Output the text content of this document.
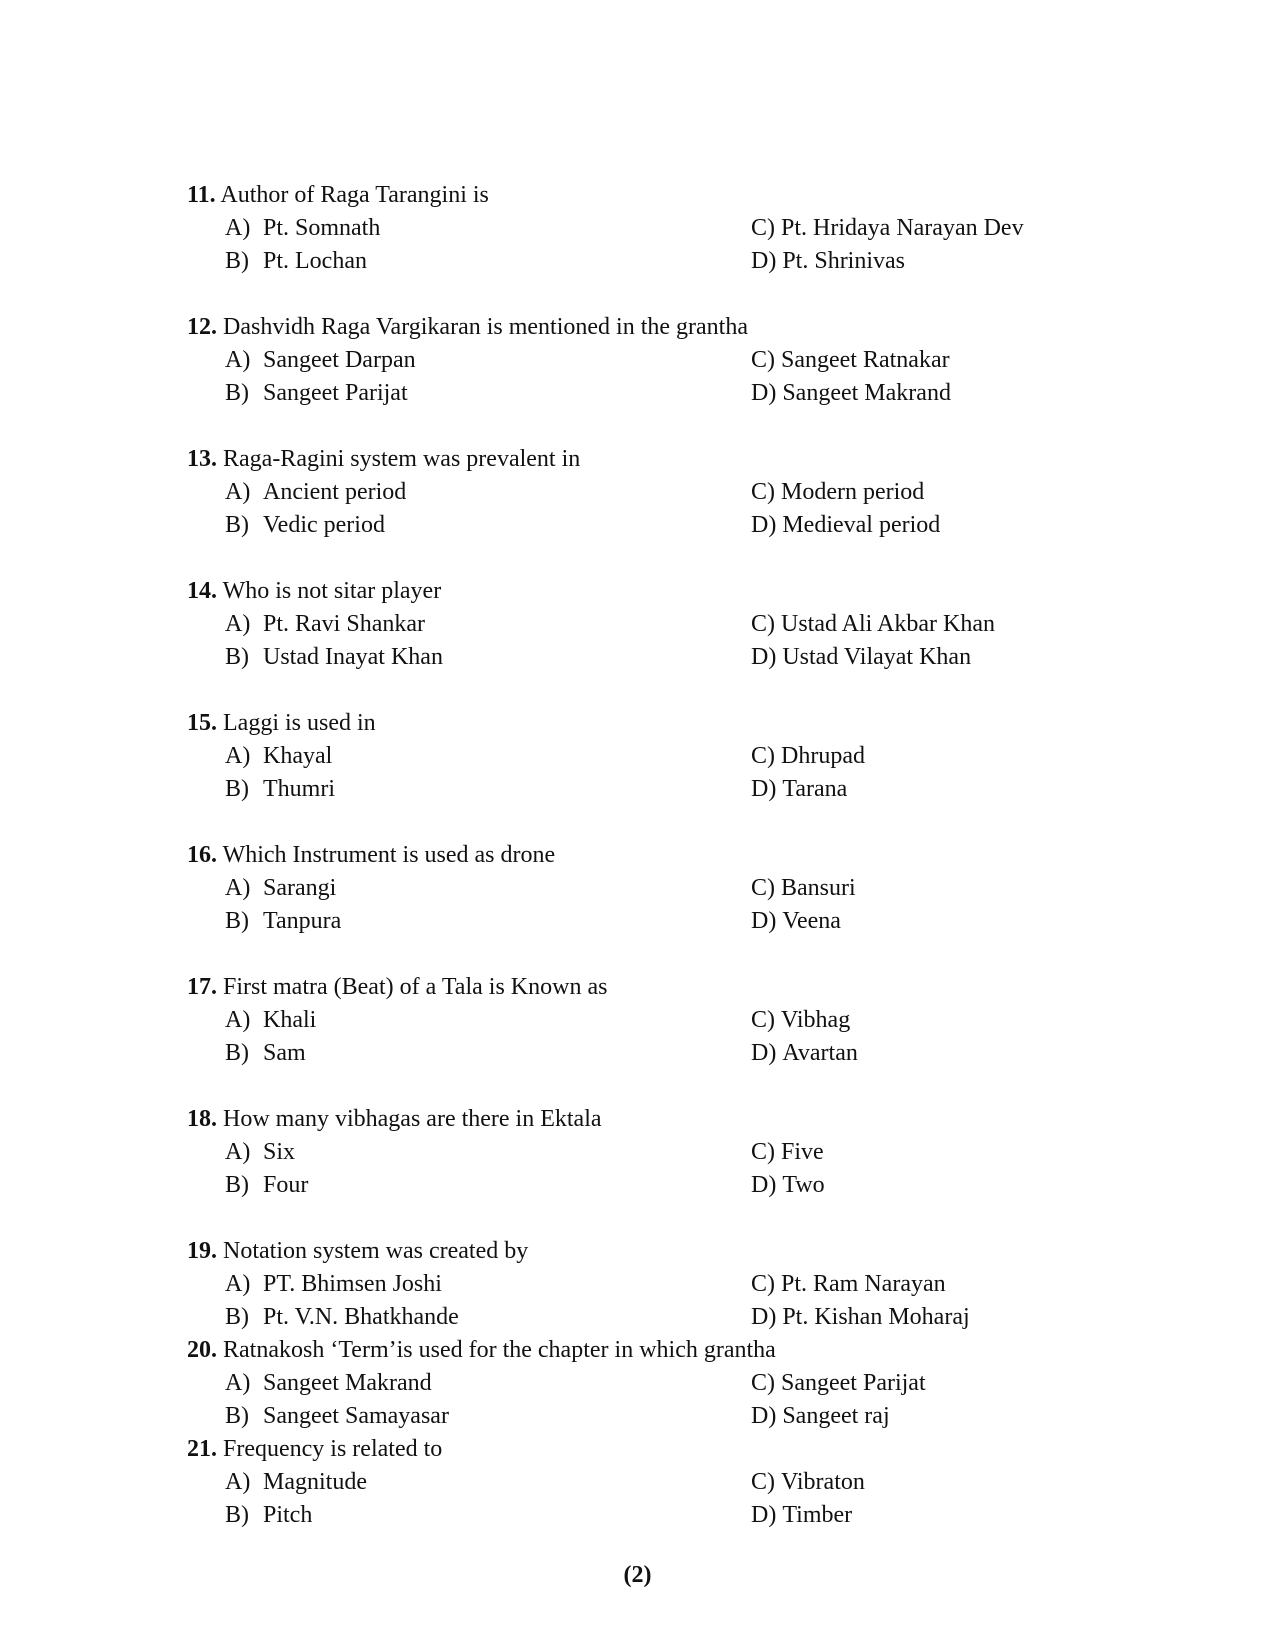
11. Author of Raga Tarangini is
A) Pt. Somnath
B) Pt. Lochan
C) Pt. Hridaya Narayan Dev
D) Pt. Shrinivas
12. Dashvidh Raga Vargikaran is mentioned in the grantha
A) Sangeet Darpan
B) Sangeet Parijat
C) Sangeet Ratnakar
D) Sangeet Makrand
13. Raga-Ragini system was prevalent in
A) Ancient period
B) Vedic period
C) Modern period
D) Medieval period
14. Who is not sitar player
A) Pt. Ravi Shankar
B) Ustad Inayat Khan
C) Ustad Ali Akbar Khan
D) Ustad Vilayat Khan
15. Laggi is used in
A) Khayal
B) Thumri
C) Dhrupad
D) Tarana
16. Which Instrument is used as drone
A) Sarangi
B) Tanpura
C) Bansuri
D) Veena
17. First matra (Beat) of a Tala is Known as
A) Khali
B) Sam
C) Vibhag
D) Avartan
18. How many vibhagas are there in Ektala
A) Six
B) Four
C) Five
D) Two
19. Notation system was created by
A) PT. Bhimsen Joshi
B) Pt. V.N. Bhatkhande
C) Pt. Ram Narayan
D) Pt. Kishan Moharaj
20. Ratnakosh ‘Term’is used for the chapter in which grantha
A) Sangeet Makrand
B) Sangeet Samayasar
C) Sangeet Parijat
D) Sangeet raj
21. Frequency is related to
A) Magnitude
B) Pitch
C) Vibraton
D) Timber
(2)
